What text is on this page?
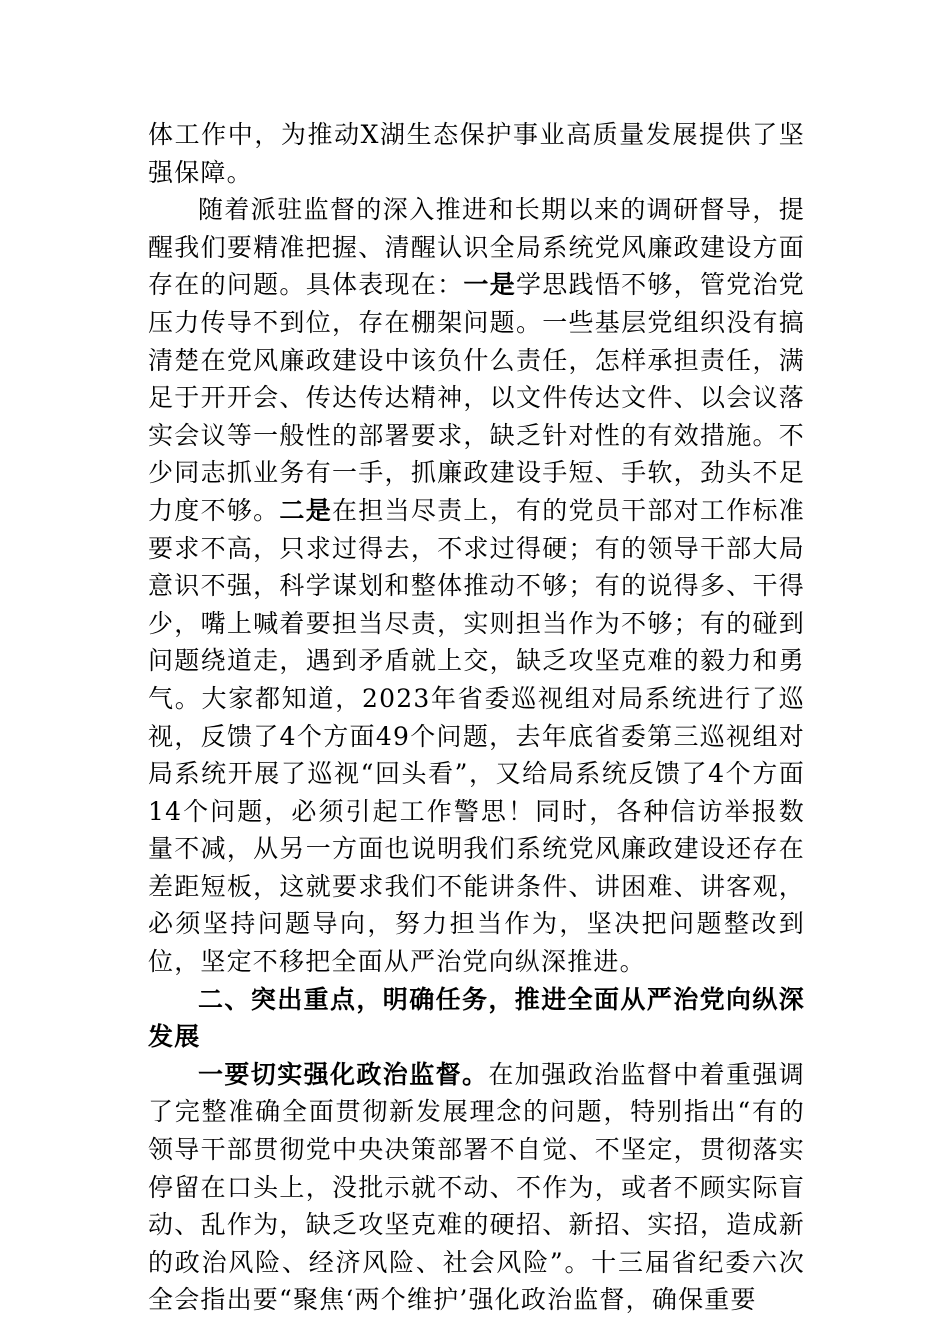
体工作中，为推动X湖生态保护事业高质量发展提供了坚强保障。

随着派驻监督的深入推进和长期以来的调研督导，提醒我们要精准把握、清醒认识全局系统党风廉政建设方面存在的问题。具体表现在：一是学思践悟不够，管党治党压力传导不到位，存在棚架问题。一些基层党组织没有搞清楚在党风廉政建设中该负什么责任，怎样承担责任，满足于开开会、传达传达精神，以文件传达文件、以会议落实会议等一般性的部署要求，缺乏针对性的有效措施。不少同志抓业务有一手，抓廉政建设手短、手软，劲头不足力度不够。二是在担当尽责上，有的党员干部对工作标准要求不高，只求过得去，不求过得硬；有的领导干部大局意识不强，科学谋划和整体推动不够；有的说得多、干得少，嘴上喊着要担当尽责，实则担当作为不够；有的碰到问题绕道走，遇到矛盾就上交，缺乏攻坚克难的毅力和勇气。大家都知道，2023年省委巡视组对局系统进行了巡视，反馈了4个方面49个问题，去年底省委第三巡视组对局系统开展了巡视“回头看”，又给局系统反馈了4个方面14个问题，必须引起工作警思！同时，各种信访举报数量不减，从另一方面也说明我们系统党风廉政建设还存在差距短板，这就要求我们不能讲条件、讲困难、讲客观，必须坚持问题导向，努力担当作为，坚决把问题整改到位，坚定不移把全面从严治党向纵深推进。

二、突出重点，明确任务，推进全面从严治党向纵深发展

一要切实强化政治监督。在加强政治监督中着重强调了完整准确全面贯彻新发展理念的问题，特别指出“有的领导干部贯彻党中央决策部署不自觉、不坚定，贯彻落实停留在口头上，没批示就不动、不作为，或者不顾实际盲动、乱作为，缺乏攻坚克难的硬招、新招、实招，造成新的政治风险、经济风险、社会风险”。十三届省纪委六次全会指出要“聚焦‘两个维护’强化政治监督，确保重要
